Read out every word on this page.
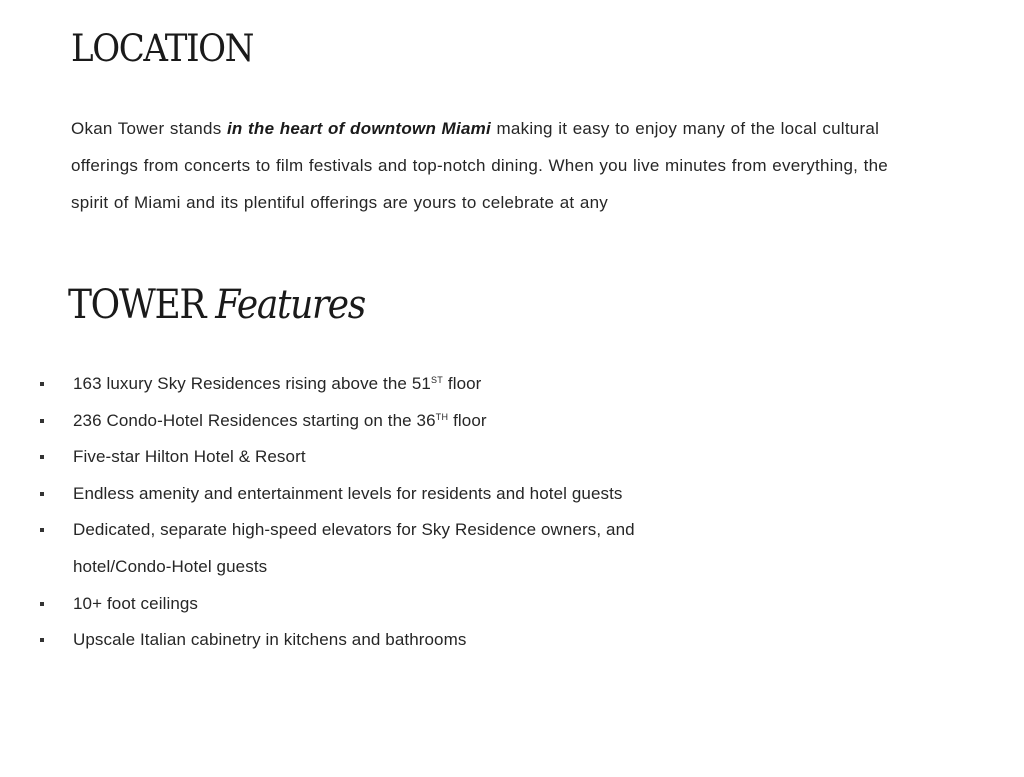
LOCATION

Okan Tower stands in the heart of downtown Miami making it easy to enjoy many of the local cultural offerings from concerts to film festivals and top-notch dining. When you live minutes from everything, the spirit of Miami and its plentiful offerings are yours to celebrate at any

TOWER Features
163 luxury Sky Residences rising above the 51ST floor
236 Condo-Hotel Residences starting on the 36TH floor
Five-star Hilton Hotel & Resort
Endless amenity and entertainment levels for residents and hotel guests
Dedicated, separate high-speed elevators for Sky Residence owners, and hotel/Condo-Hotel guests
10+ foot ceilings
Upscale Italian cabinetry in kitchens and bathrooms
